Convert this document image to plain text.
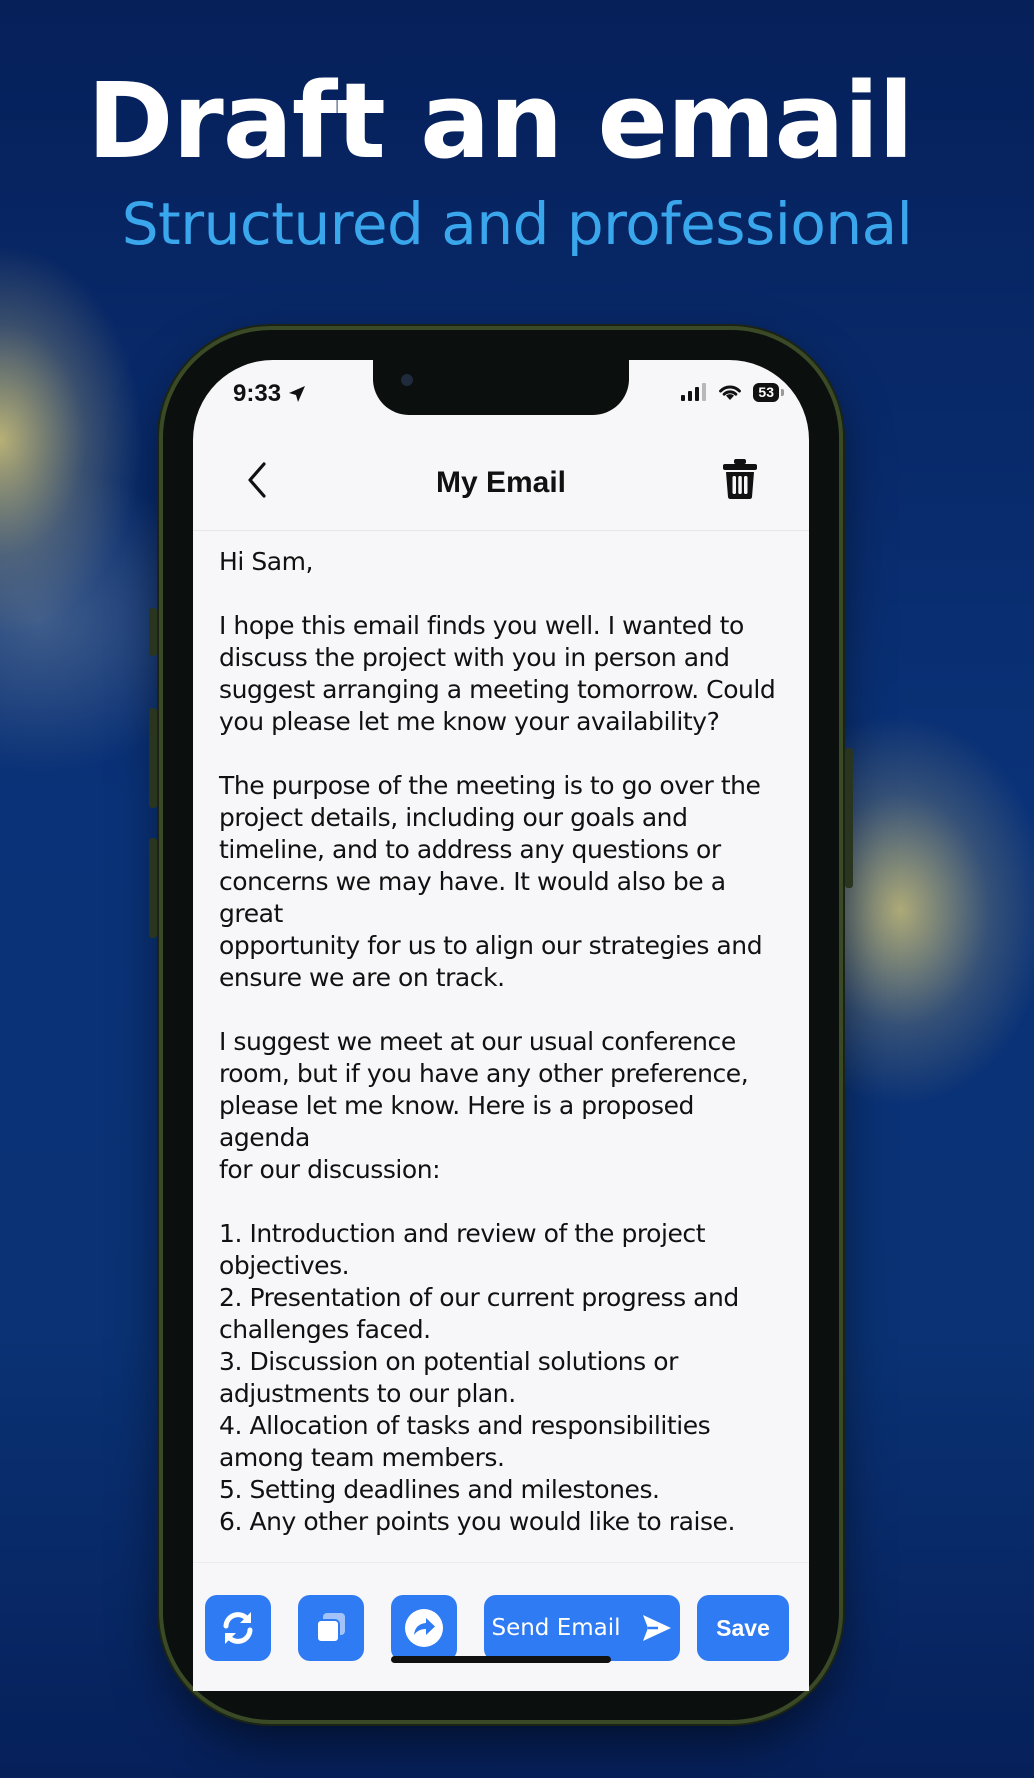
Draft an email
Structured and professional
9:33	53
My Email

Hi Sam,

I hope this email finds you well. I wanted to
discuss the project with you in person and
suggest arranging a meeting tomorrow. Could
you please let me know your availability?

The purpose of the meeting is to go over the
project details, including our goals and
timeline, and to address any questions or
concerns we may have. It would also be a great
opportunity for us to align our strategies and
ensure we are on track.

I suggest we meet at our usual conference
room, but if you have any other preference,
please let me know. Here is a proposed agenda
for our discussion:

1. Introduction and review of the project
objectives.
2. Presentation of our current progress and
challenges faced.
3. Discussion on potential solutions or
adjustments to our plan.
4. Allocation of tasks and responsibilities
among team members.
5. Setting deadlines and milestones.
6. Any other points you would like to raise.

Send Email	Save
